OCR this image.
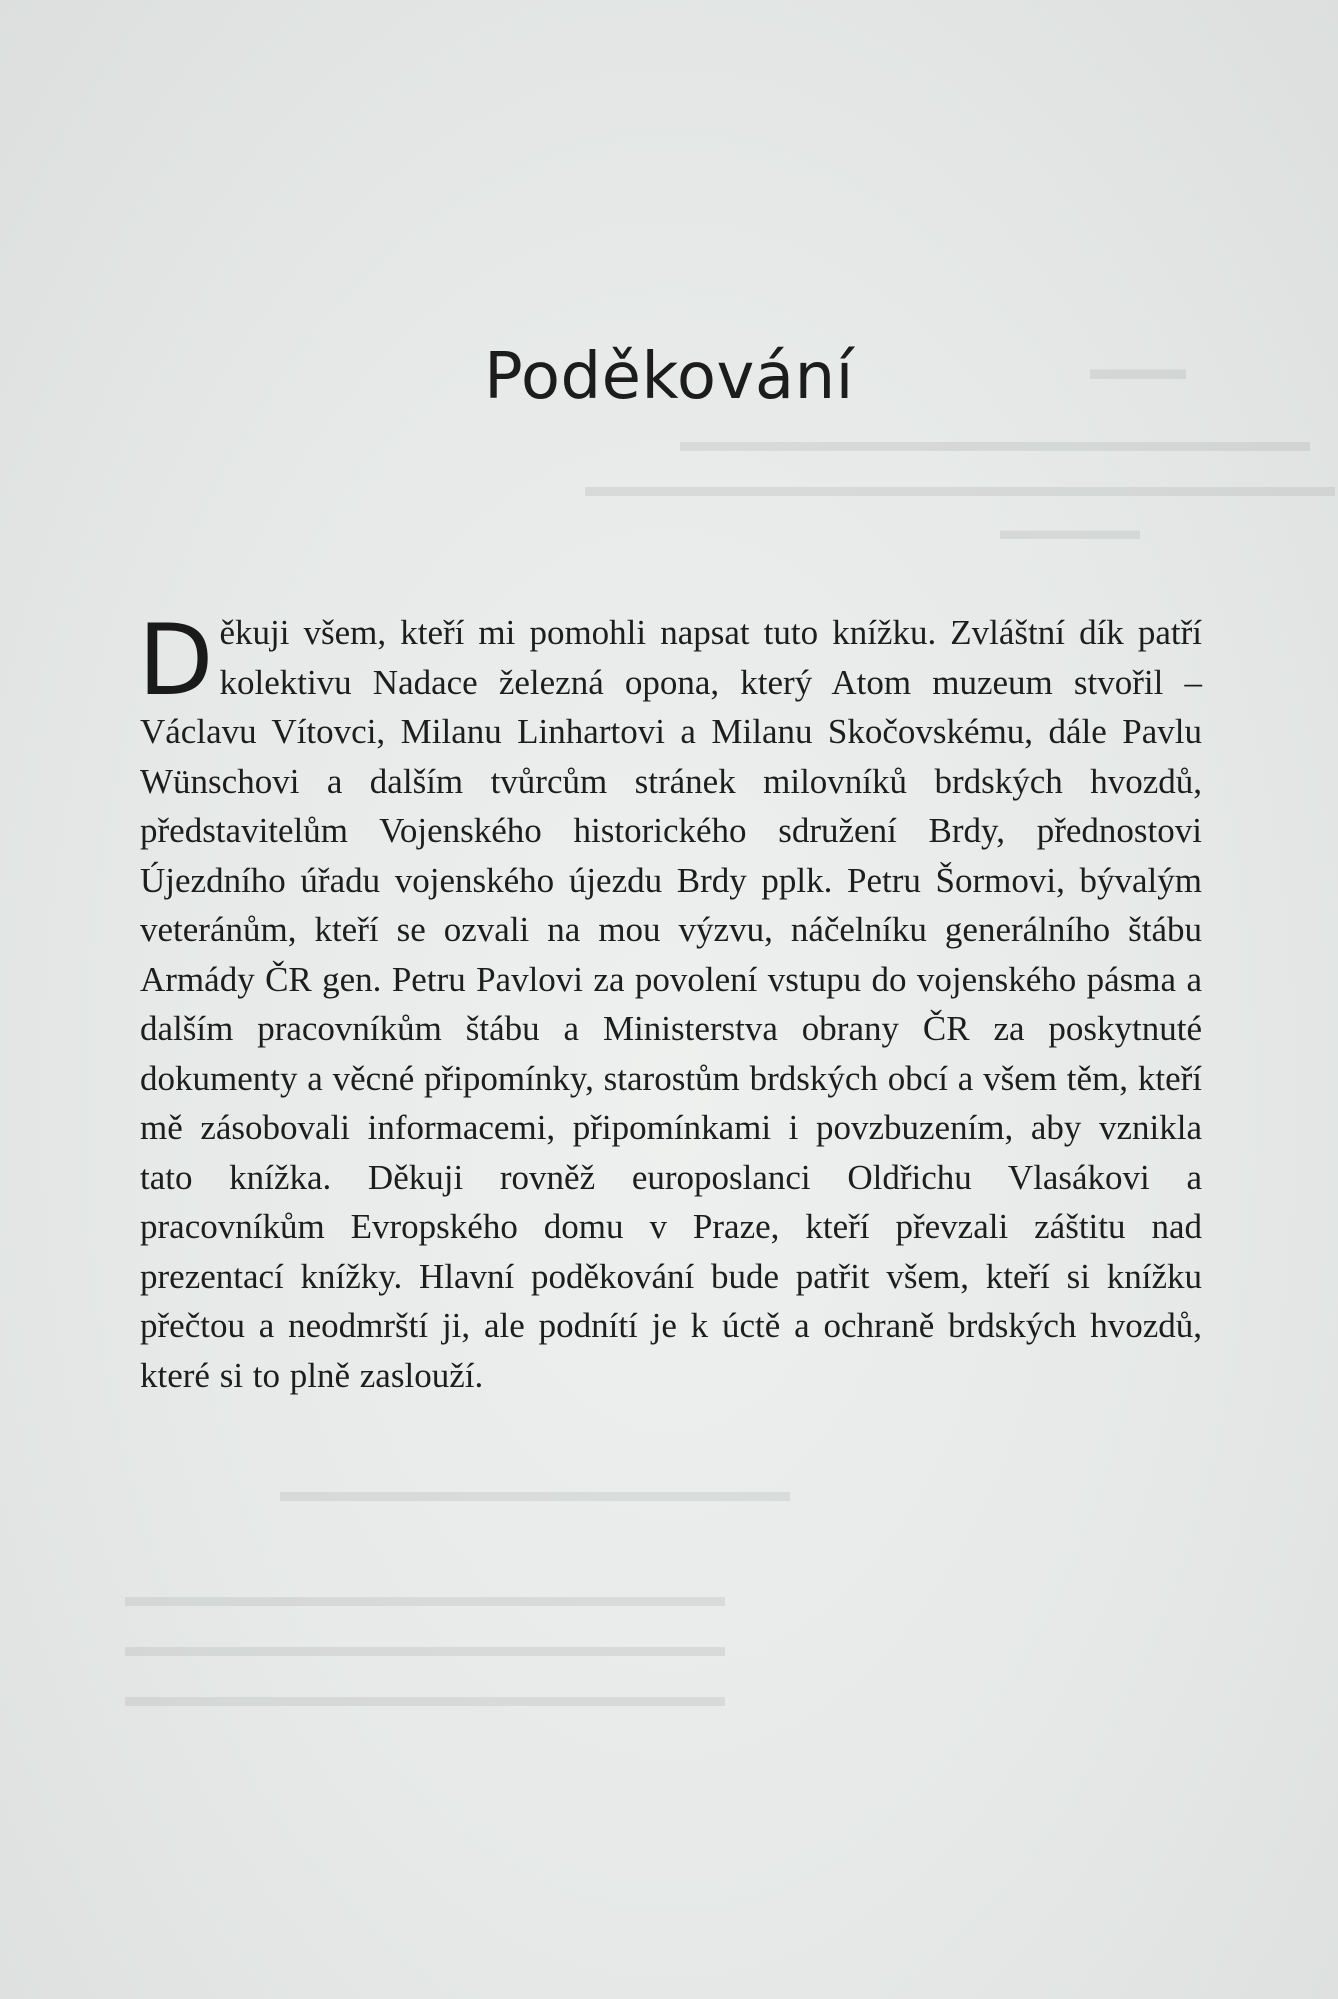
▬▬▬
▬▬▬▬▬▬▬▬▬▬▬▬▬▬▬▬▬▬▬▬▬
▬▬▬▬▬▬▬▬▬▬▬▬▬▬▬▬▬▬▬▬▬▬▬▬▬
▬▬▬▬▬
▬▬▬▬▬▬▬▬▬▬▬▬▬▬▬▬▬
▬▬▬▬▬▬▬▬▬▬▬▬▬▬▬▬▬▬▬▬
▬▬▬▬▬▬▬▬▬▬▬▬▬▬▬▬▬▬▬▬
▬▬▬▬▬▬▬▬▬▬▬▬▬▬▬▬▬▬▬▬
Poděkování

Děkuji všem, kteří mi pomohli napsat tuto knížku. Zvláštní dík patří kolektivu Nadace železná opona, který Atom muzeum stvořil – Václavu Vítovci, Milanu Linhartovi a Milanu Skočovskému, dále Pavlu Wünschovi a dalším tvůrcům stránek milovníků brdských hvozdů, představitelům Vojenského historického sdružení Brdy, přednostovi Újezdního úřadu vojenského újezdu Brdy pplk. Petru Šormovi, bývalým veteránům, kteří se ozvali na mou výzvu, náčelníku generálního štábu Armády ČR gen. Petru Pavlovi za povolení vstupu do vojenského pásma a dalším pracovníkům štábu a Ministerstva obrany ČR za poskytnuté dokumenty a věcné připomínky, starostům brdských obcí a všem těm, kteří mě zásobovali informacemi, připomínkami i povzbuzením, aby vznikla tato knížka. Děkuji rovněž europoslanci Oldřichu Vlasákovi a pracovníkům Evropského domu v Praze, kteří převzali záštitu nad prezentací knížky. Hlavní poděkování bude patřit všem, kteří si knížku přečtou a neodmrští ji, ale podnítí je k úctě a ochraně brdských hvozdů, které si to plně zaslouží.
